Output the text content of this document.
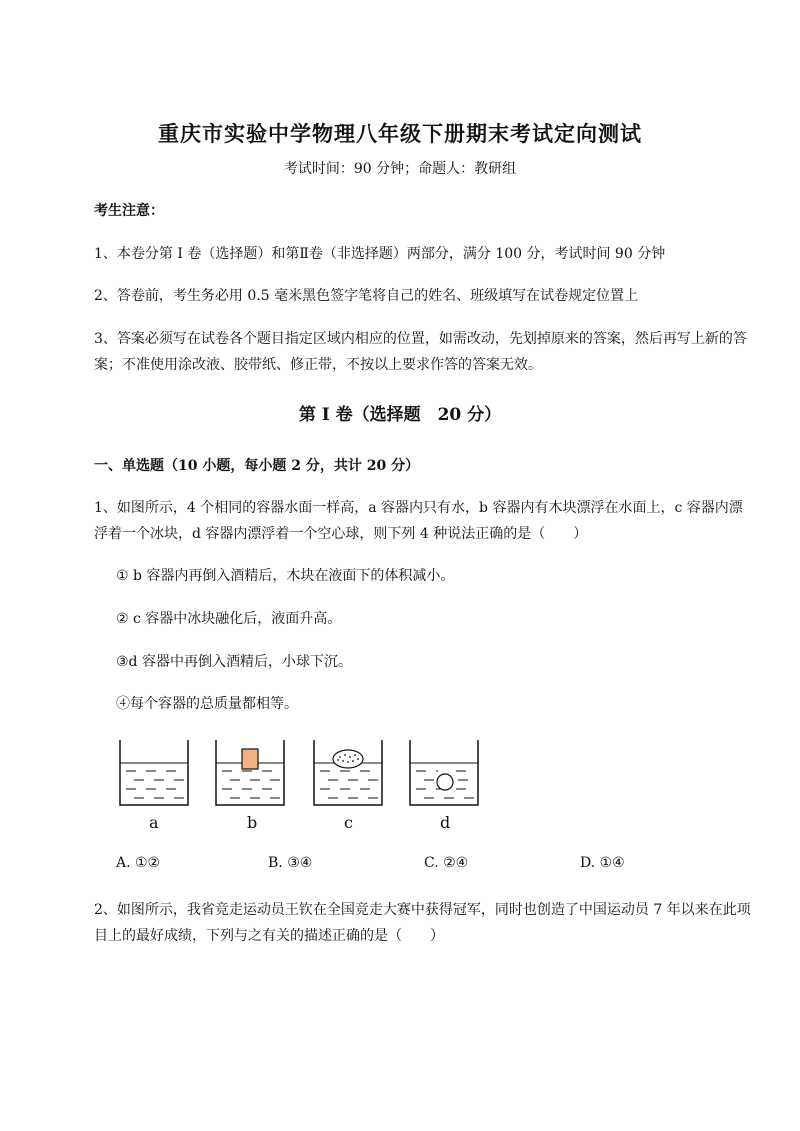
重庆市实验中学物理八年级下册期末考试定向测试
考试时间：90 分钟；命题人：教研组
考生注意：
1、本卷分第 I 卷（选择题）和第Ⅱ卷（非选择题）两部分，满分 100 分，考试时间 90 分钟
2、答卷前，考生务必用 0.5 毫米黑色签字笔将自己的姓名、班级填写在试卷规定位置上
3、答案必须写在试卷各个题目指定区域内相应的位置，如需改动，先划掉原来的答案，然后再写上新的答案；不准使用涂改液、胶带纸、修正带，不按以上要求作答的答案无效。
第 I 卷（选择题　20 分）
一、单选题（10 小题，每小题 2 分，共计 20 分）
1、如图所示，4 个相同的容器水面一样高，a 容器内只有水，b 容器内有木块漂浮在水面上，c 容器内漂浮着一个冰块，d 容器内漂浮着一个空心球，则下列 4 种说法正确的是（　　）
① b 容器内再倒入酒精后，木块在液面下的体积减小。
② c 容器中冰块融化后，液面升高。
③d 容器中再倒入酒精后，小球下沉。
④每个容器的总质量都相等。
a	b	c	d
A. ①②	B. ③④	C. ②④	D. ①④
2、如图所示，我省竞走运动员王钦在全国竞走大赛中获得冠军，同时也创造了中国运动员 7 年以来在此项目上的最好成绩，下列与之有关的描述正确的是（　　）
